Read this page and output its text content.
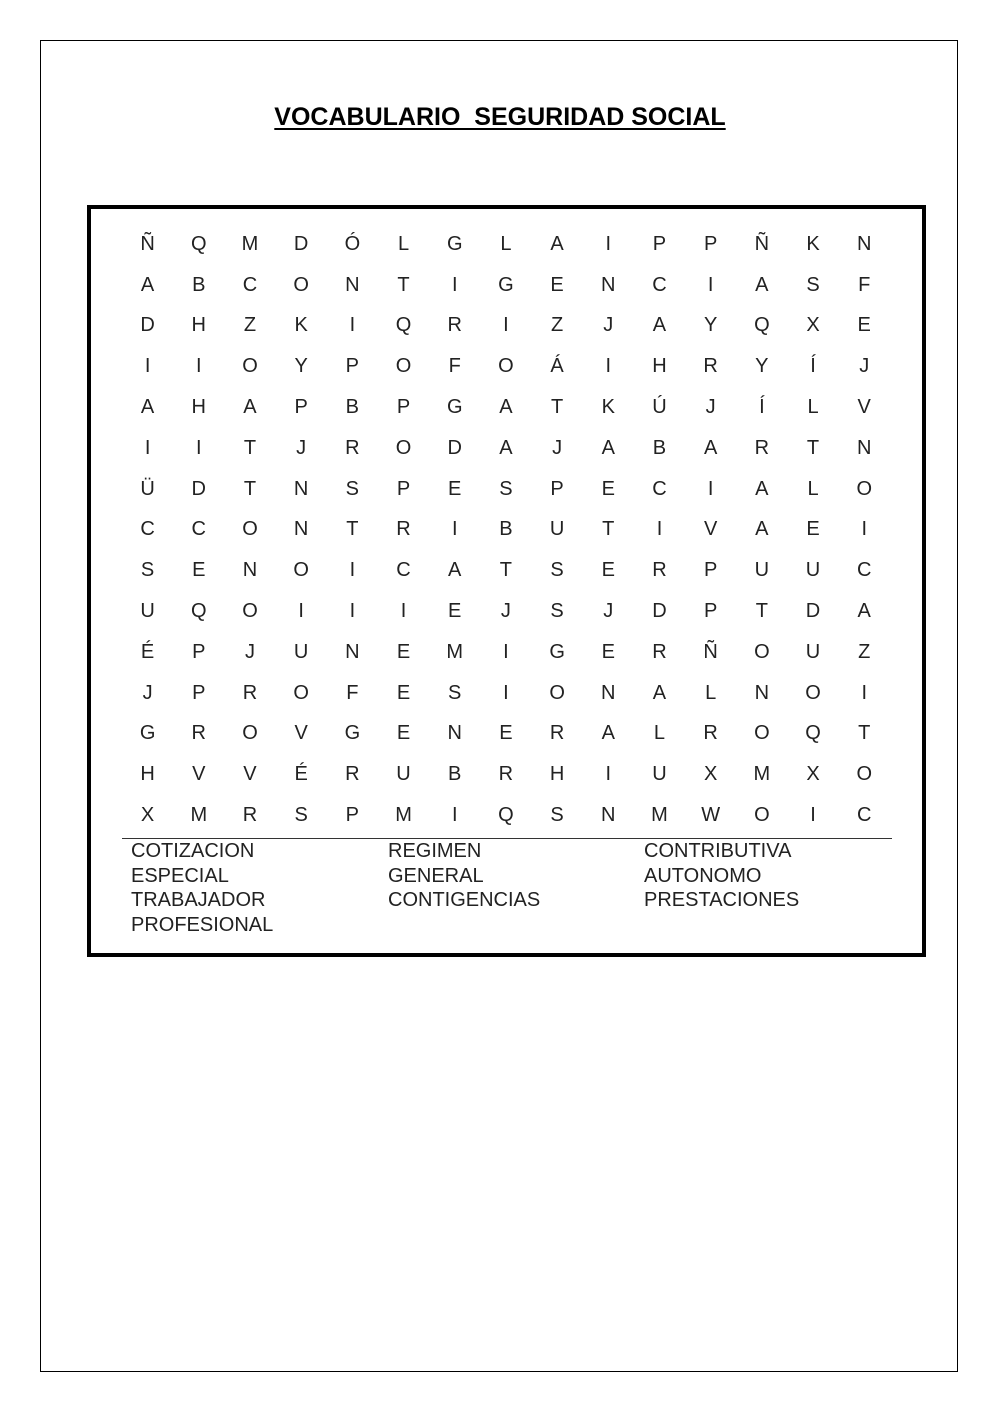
VOCABULARIO  SEGURIDAD SOCIAL
Ñ	Q	M	D	Ó	L	G	L	A	I	P	P	Ñ	K	N
A	B	C	O	N	T	I	G	E	N	C	I	A	S	F
D	H	Z	K	I	Q	R	I	Z	J	A	Y	Q	X	E
I	I	O	Y	P	O	F	O	Á	I	H	R	Y	Í	J
A	H	A	P	B	P	G	A	T	K	Ú	J	Í	L	V
I	I	T	J	R	O	D	A	J	A	B	A	R	T	N
Ü	D	T	N	S	P	E	S	P	E	C	I	A	L	O
C	C	O	N	T	R	I	B	U	T	I	V	A	E	I
S	E	N	O	I	C	A	T	S	E	R	P	U	U	C
U	Q	O	I	I	I	E	J	S	J	D	P	T	D	A
É	P	J	U	N	E	M	I	G	E	R	Ñ	O	U	Z
J	P	R	O	F	E	S	I	O	N	A	L	N	O	I
G	R	O	V	G	E	N	E	R	A	L	R	O	Q	T
H	V	V	É	R	U	B	R	H	I	U	X	M	X	O
X	M	R	S	P	M	I	Q	S	N	M	W	O	I	C
COTIZACION
ESPECIAL
TRABAJADOR
PROFESIONAL
REGIMEN
GENERAL
CONTIGENCIAS
CONTRIBUTIVA
AUTONOMO
PRESTACIONES
